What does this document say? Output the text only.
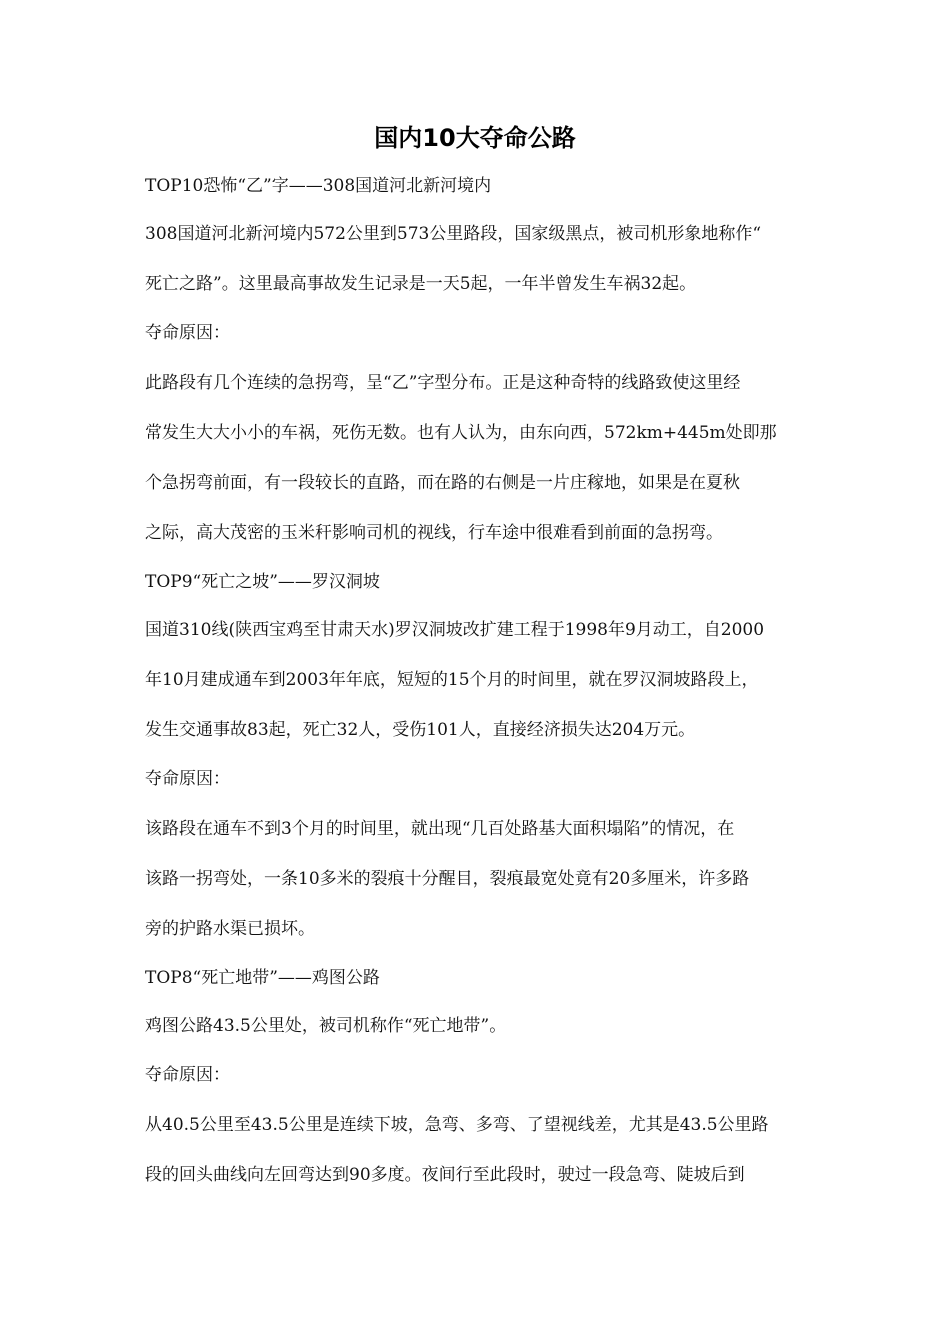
国内10大夺命公路

TOP10恐怖“乙”字——308国道河北新河境内

308国道河北新河境内572公里到573公里路段，国家级黑点，被司机形象地称作“

死亡之路”。这里最高事故发生记录是一天5起，一年半曾发生车祸32起。

夺命原因：

此路段有几个连续的急拐弯，呈“乙”字型分布。正是这种奇特的线路致使这里经

常发生大大小小的车祸，死伤无数。也有人认为，由东向西，572km+445m处即那

个急拐弯前面，有一段较长的直路，而在路的右侧是一片庄稼地，如果是在夏秋

之际，高大茂密的玉米秆影响司机的视线，行车途中很难看到前面的急拐弯。

TOP9“死亡之坡”——罗汉洞坡

国道310线(陕西宝鸡至甘肃天水)罗汉洞坡改扩建工程于1998年9月动工，自2000

年10月建成通车到2003年年底，短短的15个月的时间里，就在罗汉洞坡路段上，

发生交通事故83起，死亡32人，受伤101人，直接经济损失达204万元。

夺命原因：

该路段在通车不到3个月的时间里，就出现“几百处路基大面积塌陷”的情况，在

该路一拐弯处，一条10多米的裂痕十分醒目，裂痕最宽处竟有20多厘米，许多路

旁的护路水渠已损坏。

TOP8“死亡地带”——鸡图公路

鸡图公路43.5公里处，被司机称作“死亡地带”。

夺命原因：

从40.5公里至43.5公里是连续下坡，急弯、多弯、了望视线差，尤其是43.5公里路

段的回头曲线向左回弯达到90多度。夜间行至此段时，驶过一段急弯、陡坡后到
